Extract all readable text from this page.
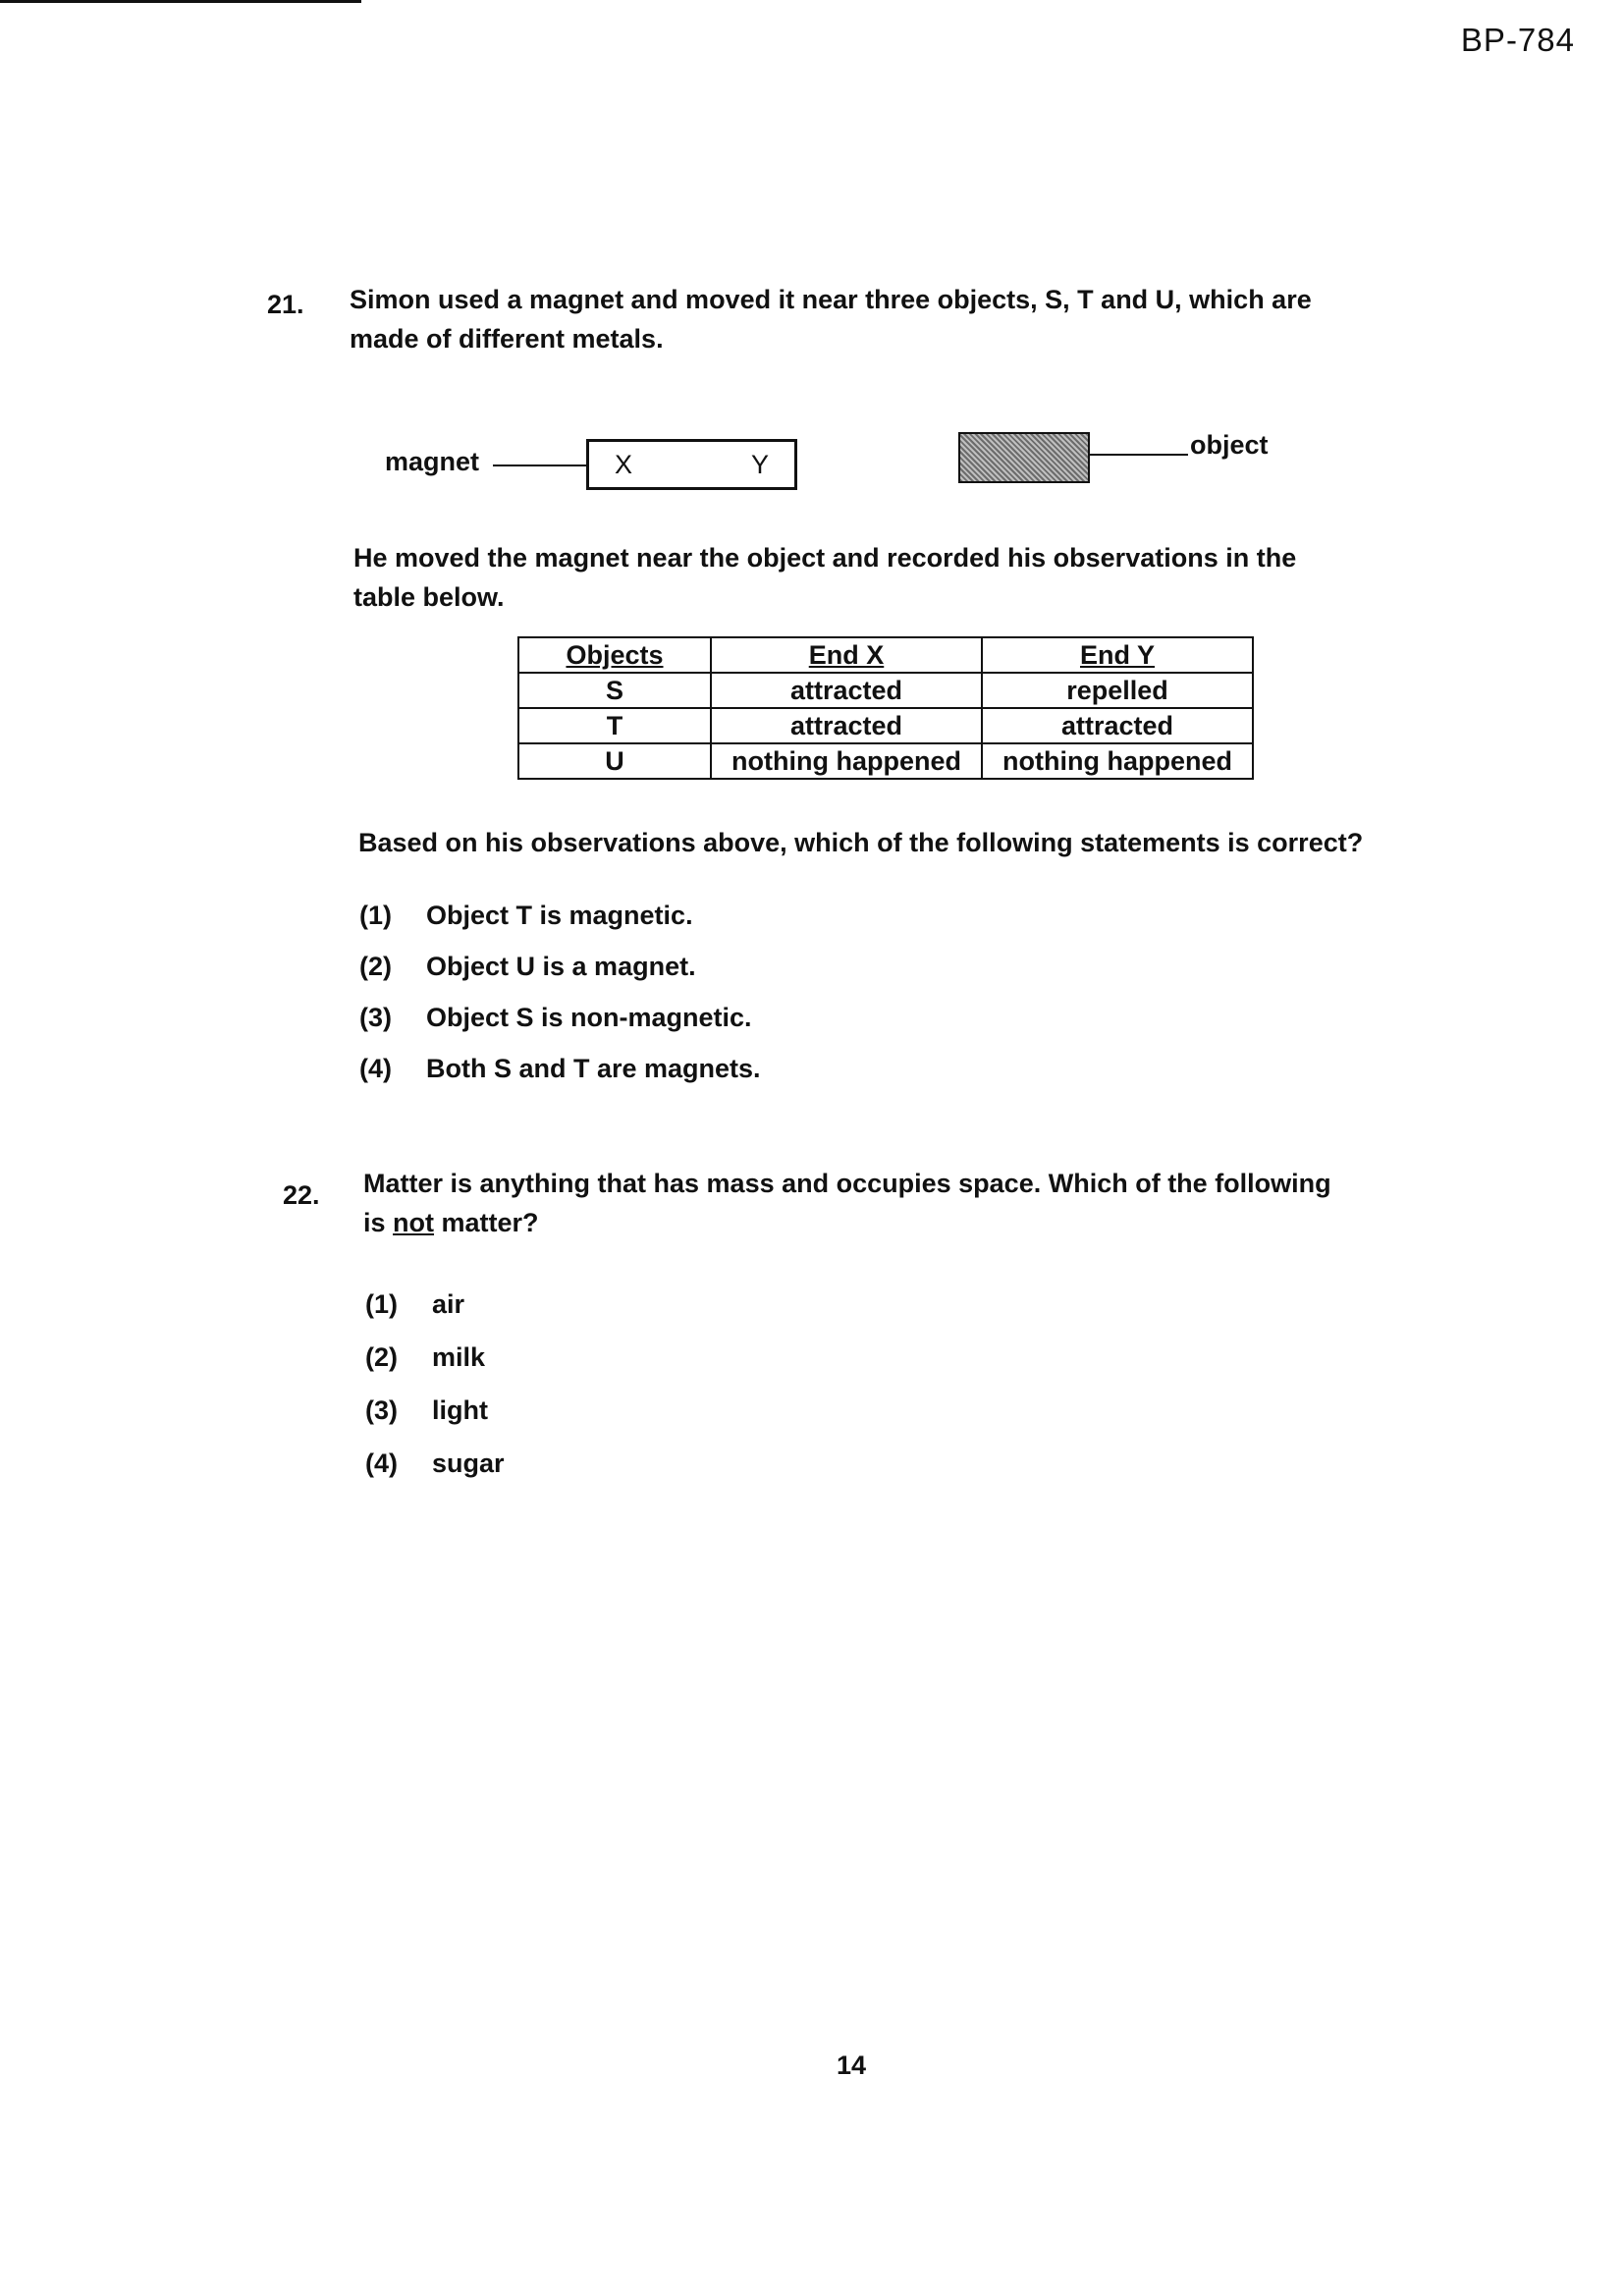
BP-784
21. Simon used a magnet and moved it near three objects, S, T and U, which are
made of different metals.
magnet	X	Y
object
He moved the magnet near the object and recorded his observations in the
table below.
Objects	End X	End Y
S	attracted	repelled
T	attracted	attracted
U	nothing happened	nothing happened
Based on his observations above, which of the following statements is correct?
(1) Object T is magnetic.
(2) Object U is a magnet.
(3) Object S is non-magnetic.
(4) Both S and T are magnets.
22. Matter is anything that has mass and occupies space. Which of the following
is not matter?
(1) air
(2) milk
(3) light
(4) sugar
14
